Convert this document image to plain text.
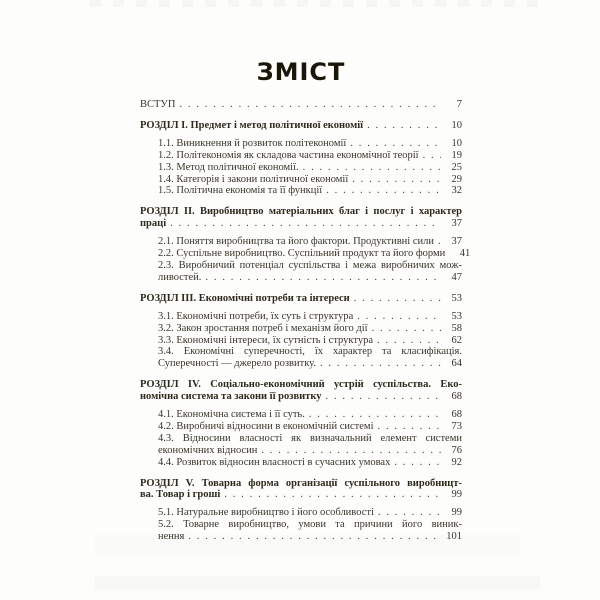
ЗМІСТ
ВСТУП . . .	7
РОЗДІЛ I. Предмет і метод політичної економії . . .	10
1.1. Виникнення й розвиток політекономії . . .	10
1.2. Політекономія як складова частина економічної теорії . . .	19
1.3. Метод політичної економії. . . .	25
1.4. Категорія і закони політичної економії . . .	29
1.5. Політична економія та її функції . . .	32
РОЗДІЛ II. Виробництво матеріальних благ і послуг і характер
праці . . .	37
2.1. Поняття виробництва та його фактори. Продуктивні сили . . .	37
2.2. Суспільне виробництво. Суспільний продукт та його форми	41
2.3. Виробничий потенціал суспільства і межа виробничих мож-
ливостей. . . .	47
РОЗДІЛ III. Економічні потреби та інтереси . . .	53
3.1. Економічні потреби, їх суть і структура . . .	53
3.2. Закон зростання потреб і механізм його дії . . .	58
3.3. Економічні інтереси, їх сутність і структура . . .	62
3.4. Економічні суперечності, їх характер та класифікація.
Суперечності — джерело розвитку. . . .	64
РОЗДІЛ IV. Соціально-економічний устрій суспільства. Еко-
номічна система та закони її розвитку . . .	68
4.1. Економічна система і її суть. . . .	68
4.2. Виробничі відносини в економічній системі . . .	73
4.3. Відносини власності як визначальний елемент системи
економічних відносин . . .	76
4.4. Розвиток відносин власності в сучасних умовах . . .	92
РОЗДІЛ V. Товарна форма організації суспільного виробницт-
ва. Товар і гроші . . .	99
5.1. Натуральне виробництво і його особливості . . .	99
5.2. Товарне виробництво, умови та причини його виник-
нення . . .	101
